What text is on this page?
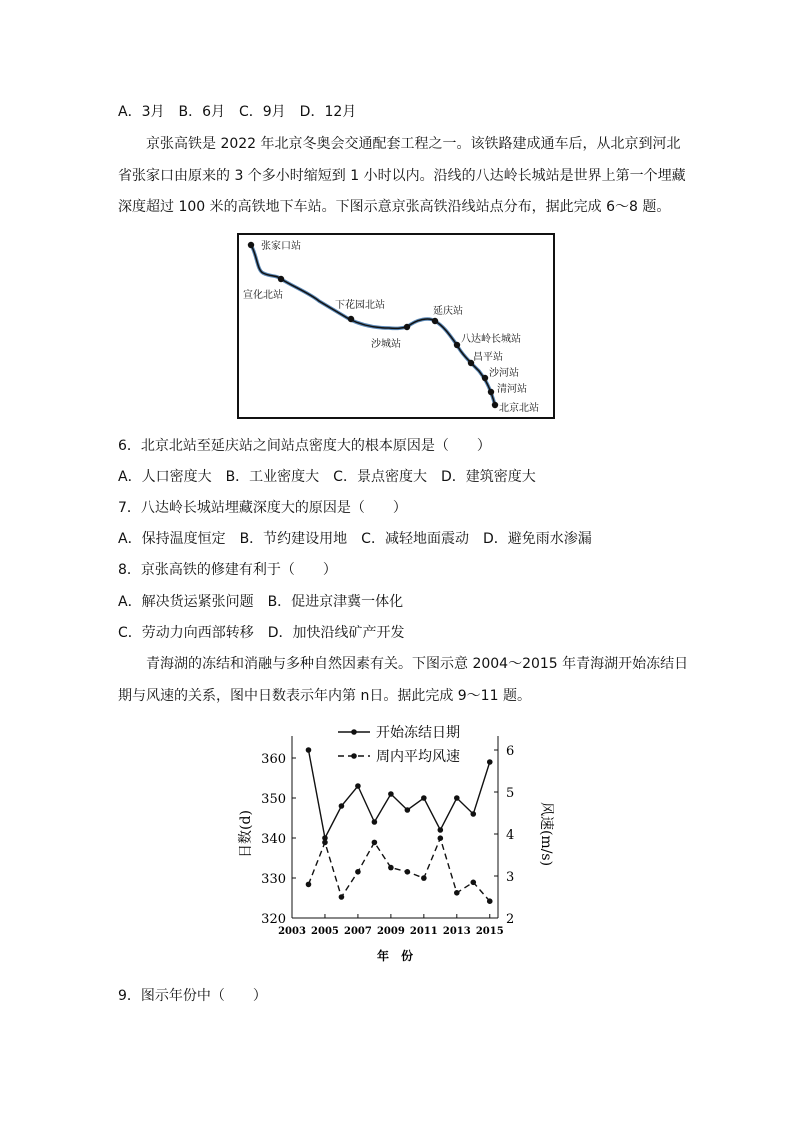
A．3月　B．6月　C．9月　D．12月
京张高铁是 2022 年北京冬奥会交通配套工程之一。该铁路建成通车后，从北京到河北
省张家口由原来的 3 个多小时缩短到 1 小时以内。沿线的八达岭长城站是世界上第一个埋藏
深度超过 100 米的高铁地下车站。下图示意京张高铁沿线站点分布，据此完成 6～8 题。
张家口站
宣化北站
下花园北站
沙城站
延庆站
八达岭长城站
昌平站
沙河站
清河站
北京北站
6．北京北站至延庆站之间站点密度大的根本原因是（　　）
A．人口密度大　B．工业密度大　C．景点密度大　D．建筑密度大
7．八达岭长城站埋藏深度大的原因是（　　）
A．保持温度恒定　B．节约建设用地　C．减轻地面震动　D．避免雨水渗漏
8．京张高铁的修建有利于（　　）
A．解决货运紧张问题　B．促进京津冀一体化
C．劳动力向西部转移　D．加快沿线矿产开发
青海湖的冻结和消融与多种自然因素有关。下图示意 2004～2015 年青海湖开始冻结日
期与风速的关系，图中日数表示年内第 n日。据此完成 9～11 题。
320
330
340
350
360
2
3
4
5
6
2003 2005 2007 2009 2011 2013 2015
日数(d)	风速(m/s)
年　份
开始冻结日期
周内平均风速
9．图示年份中（　　）
